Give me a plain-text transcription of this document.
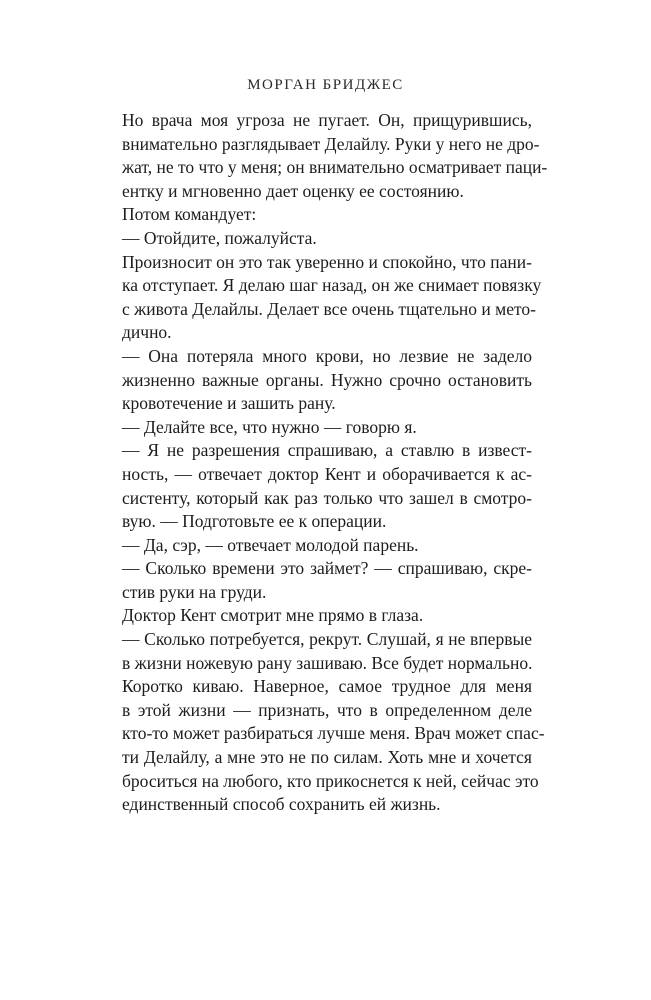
МОРГАН БРИДЖЕС
Но врача моя угроза не пугает. Он, прищурившись,
внимательно разглядывает Делайлу. Руки у него не дро-
жат, не то что у меня; он внимательно осматривает паци-
ентку и мгновенно дает оценку ее состоянию.
Потом командует:
— Отойдите, пожалуйста.
Произносит он это так уверенно и спокойно, что пани-
ка отступает. Я делаю шаг назад, он же снимает повязку
с живота Делайлы. Делает все очень тщательно и мето-
дично.
— Она потеряла много крови, но лезвие не задело
жизненно важные органы. Нужно срочно остановить
кровотечение и зашить рану.
— Делайте все, что нужно — говорю я.
— Я не разрешения спрашиваю, а ставлю в извест-
ность, — отвечает доктор Кент и оборачивается к ас-
систенту, который как раз только что зашел в смотро-
вую. — Подготовьте ее к операции.
— Да, сэр, — отвечает молодой парень.
— Сколько времени это займет? — спрашиваю, скре-
стив руки на груди.
Доктор Кент смотрит мне прямо в глаза.
— Сколько потребуется, рекрут. Слушай, я не впервые
в жизни ножевую рану зашиваю. Все будет нормально.
Коротко киваю. Наверное, самое трудное для меня
в этой жизни — признать, что в определенном деле
кто-то может разбираться лучше меня. Врач может спас-
ти Делайлу, а мне это не по силам. Хоть мне и хочется
броситься на любого, кто прикоснется к ней, сейчас это
единственный способ сохранить ей жизнь.
